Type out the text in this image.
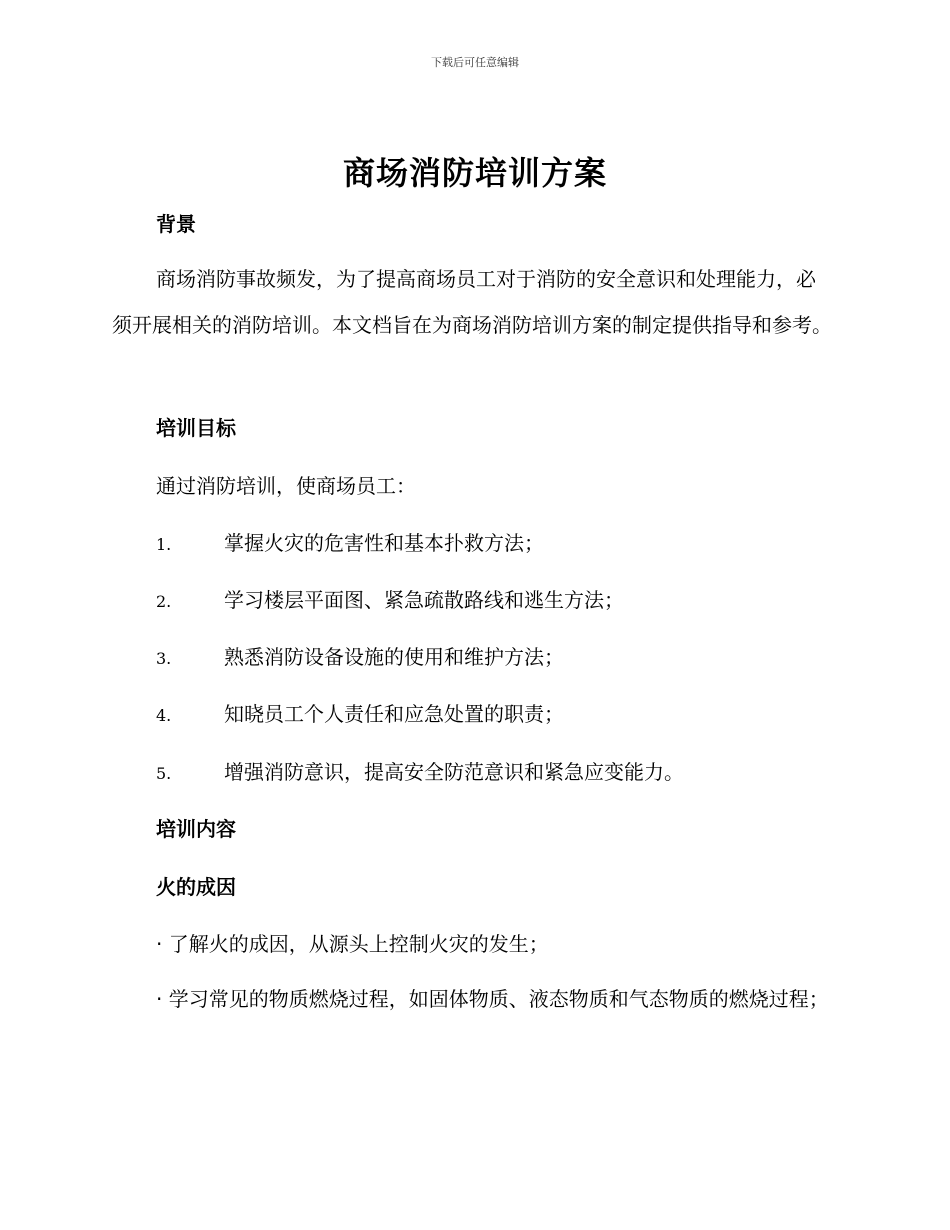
下载后可任意编辑
商场消防培训方案
背景

商场消防事故频发，为了提高商场员工对于消防的安全意识和处理能力，必须开展相关的消防培训。本文档旨在为商场消防培训方案的制定提供指导和参考。

培训目标
通过消防培训，使商场员工：
1.	掌握火灾的危害性和基本扑救方法；
2.	学习楼层平面图、紧急疏散路线和逃生方法；
3.	熟悉消防设备设施的使用和维护方法；
4.	知晓员工个人责任和应急处置的职责；
5.	增强消防意识，提高安全防范意识和紧急应变能力。
培训内容
火的成因
· 了解火的成因，从源头上控制火灾的发生；

· 学习常见的物质燃烧过程，如固体物质、液态物质和气态物质的燃烧过程；
